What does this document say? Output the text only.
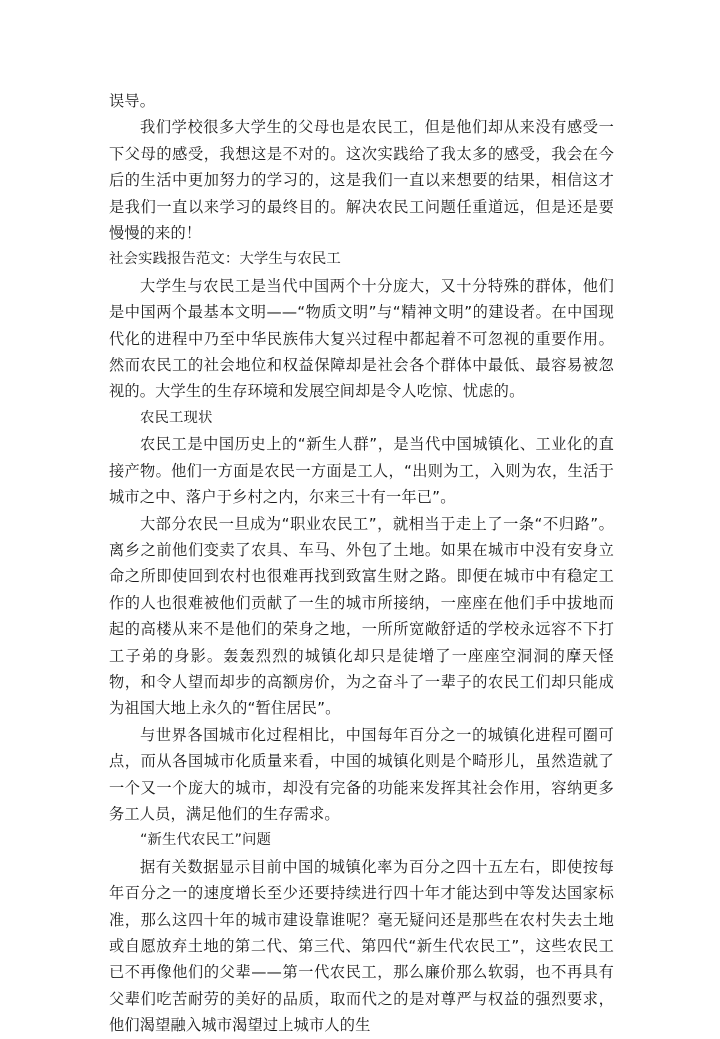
误导。

我们学校很多大学生的父母也是农民工，但是他们却从来没有感受一下父母的感受，我想这是不对的。这次实践给了我太多的感受，我会在今后的生活中更加努力的学习的，这是我们一直以来想要的结果，相信这才是我们一直以来学习的最终目的。解决农民工问题任重道远，但是还是要慢慢的来的！

社会实践报告范文：大学生与农民工

大学生与农民工是当代中国两个十分庞大，又十分特殊的群体，他们是中国两个最基本文明——“物质文明”与“精神文明”的建设者。在中国现代化的进程中乃至中华民族伟大复兴过程中都起着不可忽视的重要作用。然而农民工的社会地位和权益保障却是社会各个群体中最低、最容易被忽视的。大学生的生存环境和发展空间却是令人吃惊、忧虑的。

农民工现状

农民工是中国历史上的“新生人群”，是当代中国城镇化、工业化的直接产物。他们一方面是农民一方面是工人，“出则为工，入则为农，生活于城市之中、落户于乡村之内，尔来三十有一年已”。

大部分农民一旦成为“职业农民工”，就相当于走上了一条“不归路”。离乡之前他们变卖了农具、车马、外包了土地。如果在城市中没有安身立命之所即使回到农村也很难再找到致富生财之路。即便在城市中有稳定工作的人也很难被他们贡献了一生的城市所接纳，一座座在他们手中拔地而起的高楼从来不是他们的荣身之地，一所所宽敞舒适的学校永远容不下打工子弟的身影。轰轰烈烈的城镇化却只是徒增了一座座空洞洞的摩天怪物，和令人望而却步的高额房价，为之奋斗了一辈子的农民工们却只能成为祖国大地上永久的“暂住居民”。

与世界各国城市化过程相比，中国每年百分之一的城镇化进程可圈可点，而从各国城市化质量来看，中国的城镇化则是个畸形儿，虽然造就了一个又一个庞大的城市，却没有完备的功能来发挥其社会作用，容纳更多务工人员，满足他们的生存需求。

“新生代农民工”问题

据有关数据显示目前中国的城镇化率为百分之四十五左右，即使按每年百分之一的速度增长至少还要持续进行四十年才能达到中等发达国家标准，那么这四十年的城市建设靠谁呢？毫无疑问还是那些在农村失去土地或自愿放弃土地的第二代、第三代、第四代“新生代农民工”，这些农民工已不再像他们的父辈——第一代农民工，那么廉价那么软弱，也不再具有父辈们吃苦耐劳的美好的品质，取而代之的是对尊严与权益的强烈要求，他们渴望融入城市渴望过上城市人的生
